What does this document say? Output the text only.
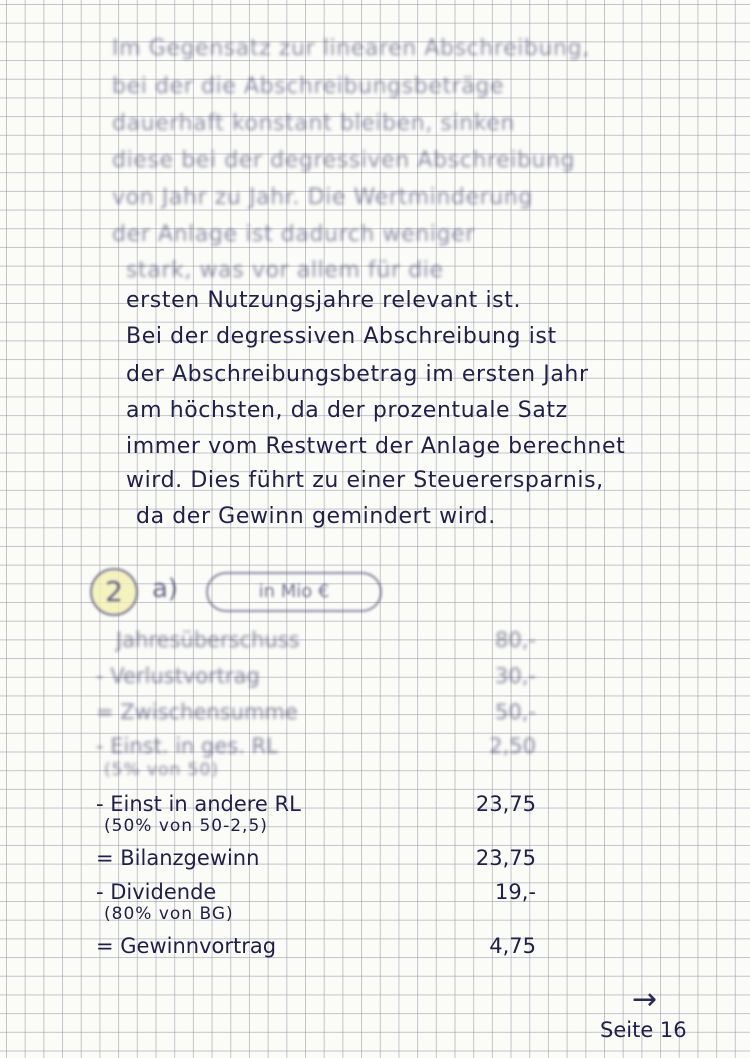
Im Gegensatz zur linearen Abschreibung,
bei der die Abschreibungsbeträge
dauerhaft konstant bleiben, sinken
diese bei der degressiven Abschreibung
von Jahr zu Jahr. Die Wertminderung
der Anlage ist dadurch weniger
stark, was vor allem für die
ersten Nutzungsjahre relevant ist.
Bei der degressiven Abschreibung ist
der Abschreibungsbetrag im ersten Jahr
am höchsten, da der prozentuale Satz
immer vom Restwert der Anlage berechnet
wird. Dies führt zu einer Steuerersparnis,
da der Gewinn gemindert wird.
2	a)	in Mio €
Jahresüberschuss	80,-
- Verlustvortrag	30,-
= Zwischensumme	50,-
- Einst. in ges. RL	2,50
(5% von 50)
- Einst in andere RL	23,75
(50% von 50-2,5)
= Bilanzgewinn	23,75
- Dividende	19,-
(80% von BG)
= Gewinnvortrag	4,75
→
Seite 16
